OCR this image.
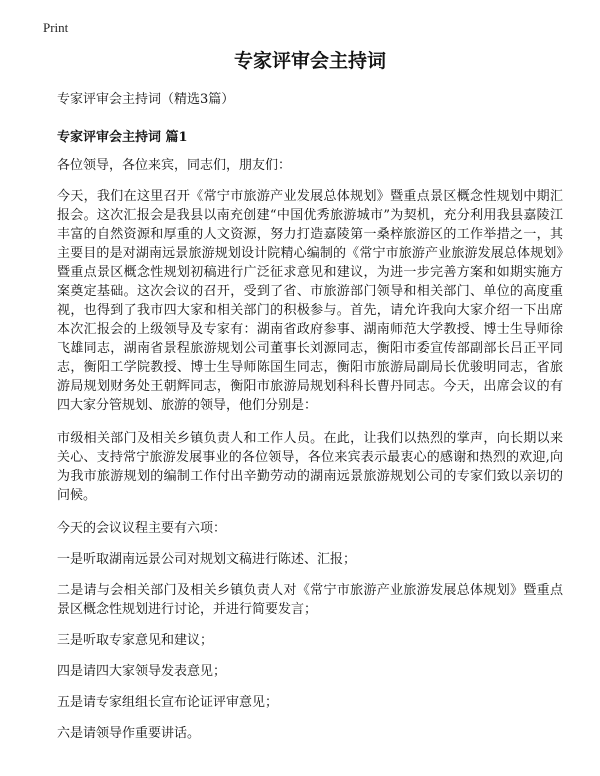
Print
专家评审会主持词
专家评审会主持词（精选3篇）
专家评审会主持词 篇1

各位领导，各位来宾，同志们，朋友们：

今天，我们在这里召开《常宁市旅游产业发展总体规划》暨重点景区概念性规划中期汇报会。这次汇报会是我县以南充创建“中国优秀旅游城市”为契机，充分利用我县嘉陵江丰富的自然资源和厚重的人文资源，努力打造嘉陵第一桑梓旅游区的工作举措之一，其主要目的是对湖南远景旅游规划设计院精心编制的《常宁市旅游产业旅游发展总体规划》暨重点景区概念性规划初稿进行广泛征求意见和建议，为进一步完善方案和如期实施方案奠定基础。这次会议的召开，受到了省、市旅游部门领导和相关部门、单位的高度重视，也得到了我市四大家和相关部门的积极参与。首先，请允许我向大家介绍一下出席本次汇报会的上级领导及专家有：湖南省政府参事、湖南师范大学教授、博士生导师徐飞雄同志，湖南省景程旅游规划公司董事长刘源同志，衡阳市委宣传部副部长吕正平同志，衡阳工学院教授、博士生导师陈国生同志，衡阳市旅游局副局长优骏明同志，省旅游局规划财务处王朝辉同志，衡阳市旅游局规划科科长曹丹同志。今天，出席会议的有四大家分管规划、旅游的领导，他们分别是：

市级相关部门及相关乡镇负责人和工作人员。在此，让我们以热烈的掌声，向长期以来关心、支持常宁旅游发展事业的各位领导，各位来宾表示最衷心的感谢和热烈的欢迎,向为我市旅游规划的编制工作付出辛勤劳动的湖南远景旅游规划公司的专家们致以亲切的问候。

今天的会议议程主要有六项：

一是听取湖南远景公司对规划文稿进行陈述、汇报；

二是请与会相关部门及相关乡镇负责人对《常宁市旅游产业旅游发展总体规划》暨重点景区概念性规划进行讨论，并进行简要发言；

三是听取专家意见和建议；

四是请四大家领导发表意见；

五是请专家组组长宣布论证评审意见；

六是请领导作重要讲话。
